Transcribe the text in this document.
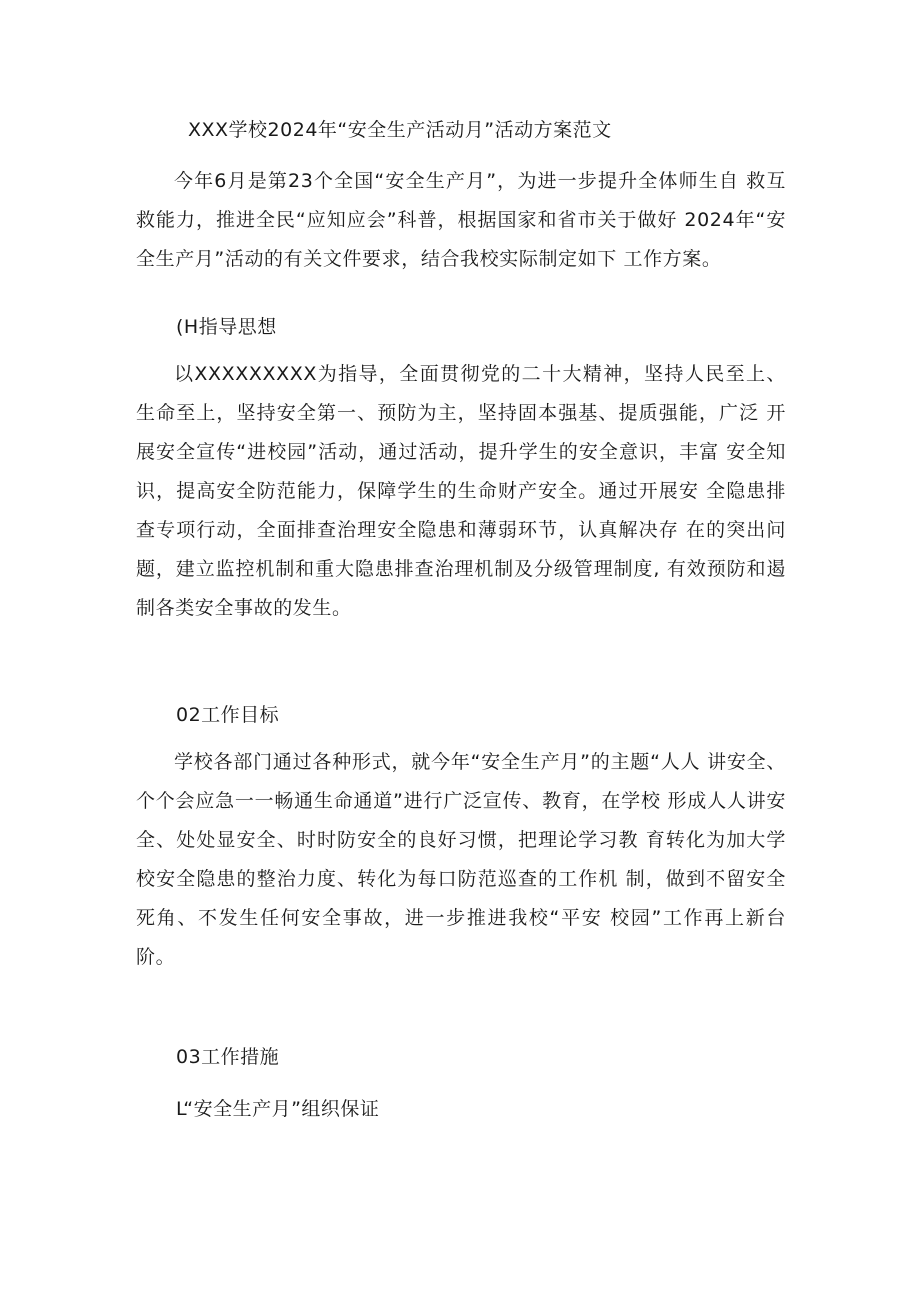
XXX学校2024年“安全生产活动月”活动方案范文
今年6月是第23个全国“安全生产月”，为进一步提升全体师生自 救互救能力，推进全民“应知应会”科普，根据国家和省市关于做好 2024年“安全生产月”活动的有关文件要求，结合我校实际制定如下 工作方案。
(H指导思想
以XXXXXXXXX为指导，全面贯彻党的二十大精神，坚持人民至上、 生命至上，坚持安全第一、预防为主，坚持固本强基、提质强能，广泛 开展安全宣传“进校园”活动，通过活动，提升学生的安全意识，丰富 安全知识，提高安全防范能力，保障学生的生命财产安全。通过开展安 全隐患排查专项行动，全面排查治理安全隐患和薄弱环节，认真解决存 在的突出问题，建立监控机制和重大隐患排查治理机制及分级管理制度, 有效预防和遏制各类安全事故的发生。
02工作目标
学校各部门通过各种形式，就今年“安全生产月”的主题“人人 讲安全、个个会应急一一畅通生命通道”进行广泛宣传、教育，在学校 形成人人讲安全、处处显安全、时时防安全的良好习惯，把理论学习教 育转化为加大学校安全隐患的整治力度、转化为每口防范巡查的工作机 制，做到不留安全死角、不发生任何安全事故，进一步推进我校“平安 校园”工作再上新台阶。
03工作措施
L“安全生产月”组织保证
